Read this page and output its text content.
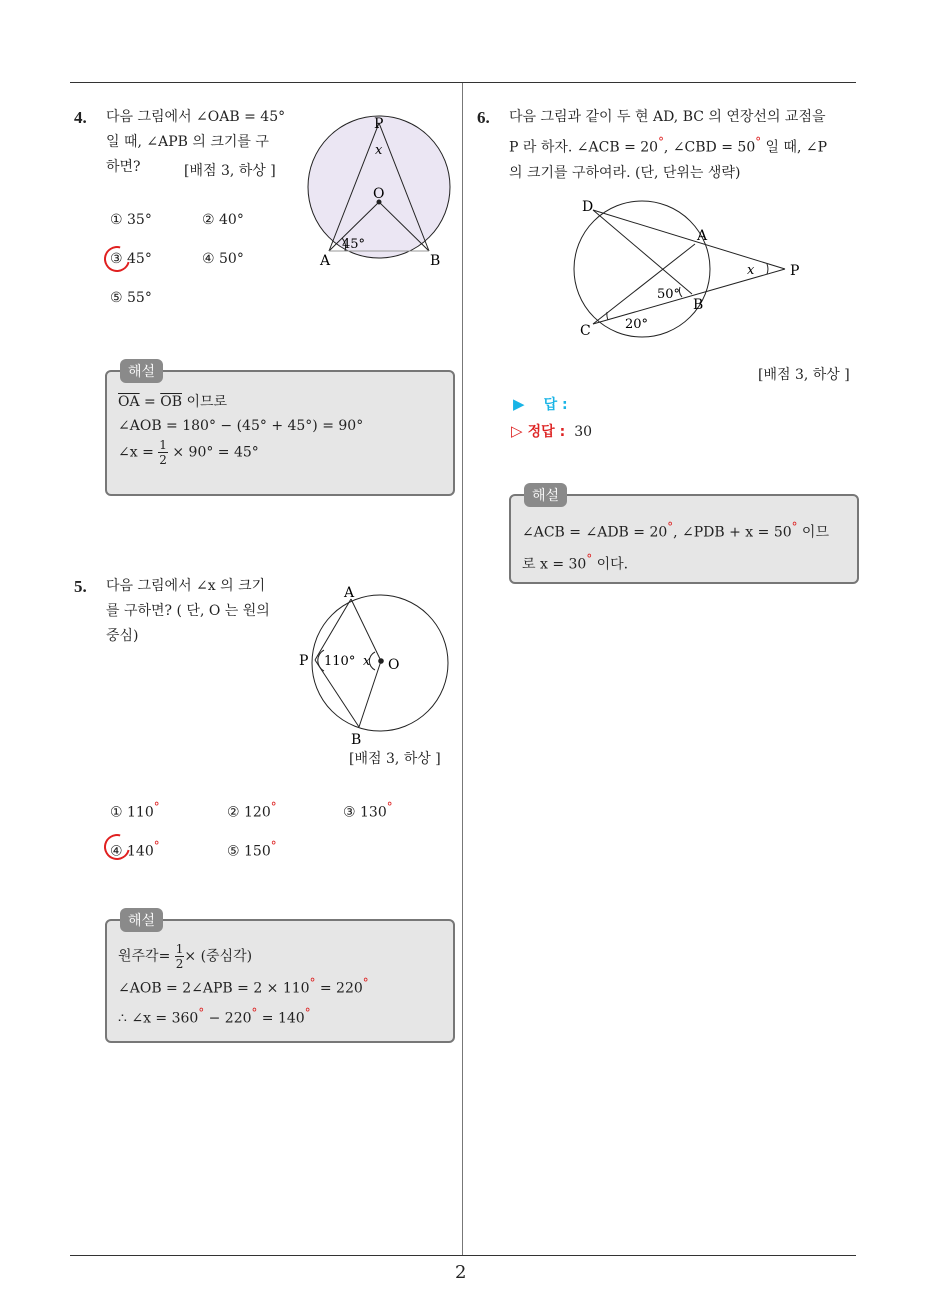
2
4. 다음 그림에서 ∠OAB = 45°
일 때, ∠APB 의 크기를 구
하면?	[배점 3, 하상 ]
P
x
O
A	B
45°
① 35°	② 40°
③ 45°	④ 50°
⑤ 55°
해설
$\overline{OA} = \overline{OB}$ 이므로
∠AOB = 180° − (45° + 45°) = 90°
∠x = $\frac{1}{2} \times 90^\circ = 45^\circ$
5. 다음 그림에서 ∠x 의 크기
를 구하면? ( 단, O 는 원의
중심)
A
P 110° x O
B
[배점 3, 하상 ]
① 110°	② 120°	③ 130°
④ 140°	⑤ 150°
해설
원주각= $\frac{1}{2}$ × (중심각)
∠AOB = 2∠APB = 2 × 110° = 220°
∴ ∠x = 360° − 220° = 140°
6. 다음 그림과 같이 두 현 AD, BC 의 연장선의 교점을
P 라 하자. ∠ACB = 20°, ∠CBD = 50° 일 때, ∠P
의 크기를 구하여라. (단, 단위는 생략)
D
A
x	P
50°
B
C	20°
[배점 3, 하상 ]
▶ 답 :
▷ 정답 : 30
해설
∠ACB = ∠ADB = 20°, ∠PDB + x = 50° 이므
로 x = 30° 이다.
